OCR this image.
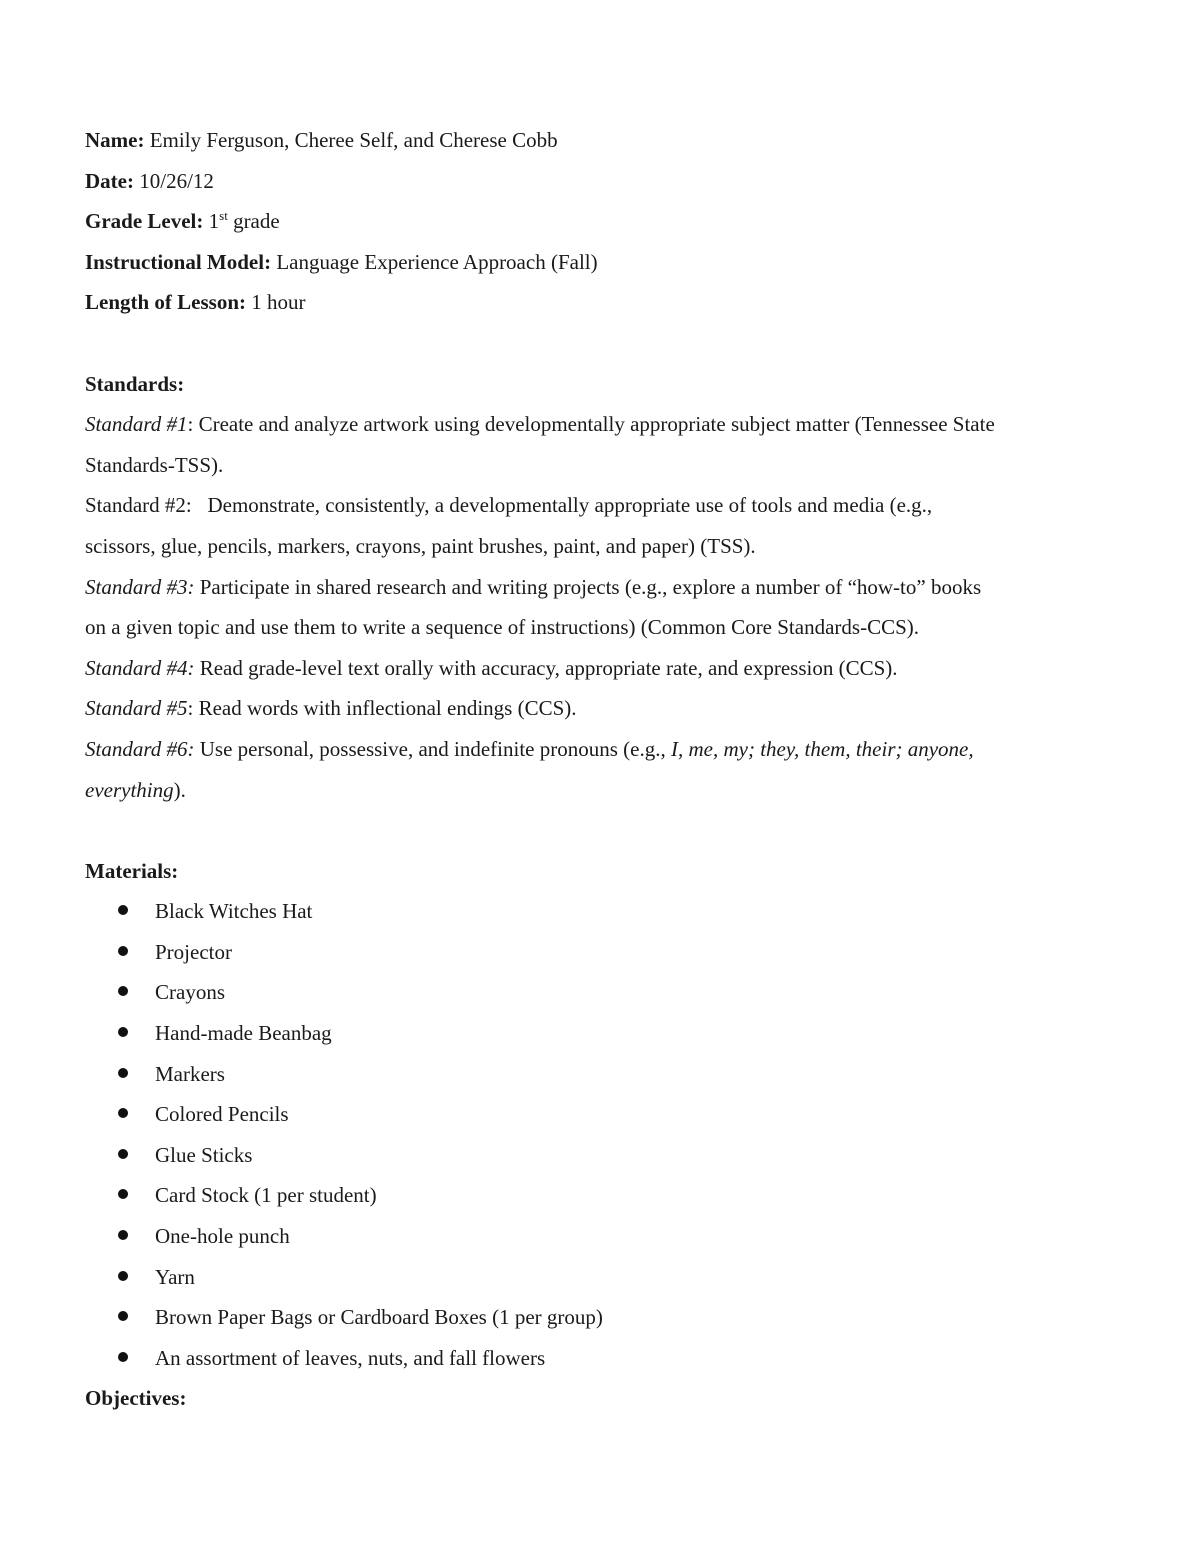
Name: Emily Ferguson, Cheree Self, and Cherese Cobb
Date: 10/26/12
Grade Level: 1st grade
Instructional Model: Language Experience Approach (Fall)
Length of Lesson: 1 hour
Standards:
Standard #1: Create and analyze artwork using developmentally appropriate subject matter (Tennessee State
Standards-TSS).
Standard #2:   Demonstrate, consistently, a developmentally appropriate use of tools and media (e.g.,
scissors, glue, pencils, markers, crayons, paint brushes, paint, and paper) (TSS).
Standard #3: Participate in shared research and writing projects (e.g., explore a number of “how-to” books
on a given topic and use them to write a sequence of instructions) (Common Core Standards-CCS).
Standard #4: Read grade-level text orally with accuracy, appropriate rate, and expression (CCS).
Standard #5: Read words with inflectional endings (CCS).
Standard #6: Use personal, possessive, and indefinite pronouns (e.g., I, me, my; they, them, their; anyone,
everything).
Materials:
Black Witches Hat
Projector
Crayons
Hand-made Beanbag
Markers
Colored Pencils
Glue Sticks
Card Stock (1 per student)
One-hole punch
Yarn
Brown Paper Bags or Cardboard Boxes (1 per group)
An assortment of leaves, nuts, and fall flowers
Objectives:
